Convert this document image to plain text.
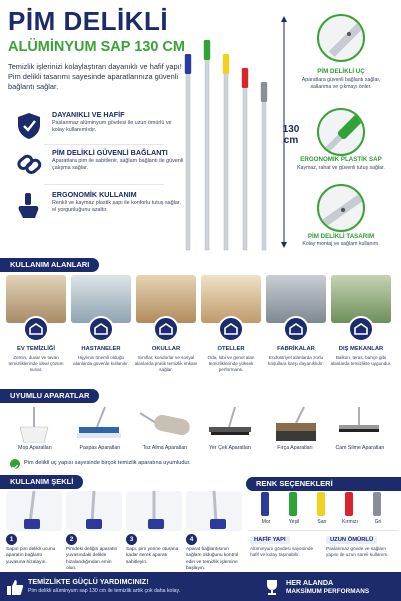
PİM DELİKLİ
ALÜMİNYUM SAP 130 CM
Temizlik işlerinizi kolaylaştıran dayanıklı ve hafif yapı! Pim delikli tasarımı sayesinde aparatlarınıza güvenli bağlantı sağlar.
DAYANIKLI VE HAFİF
Paslanmaz alüminyum gövdesi ile uzun ömürlü ve kolay kullanımlıdır.
PİM DELİKLİ GÜVENLİ BAĞLANTI
Aparatlara pim ile sabitlenir, sağlam bağlantı ile güvenli çalışma sağlar.
ERGONOMİK KULLANIM
Renkli ve kaymaz plastik sapı ile konforlu tutuş sağlar, el yorgunluğunu azaltır.
130
cm
PİM DELİKLİ UÇ
Aparatlara güvenli bağlantı sağlar, sallanma ve çıkmayı önler.
ERGONOMİK PLASTİK SAP
Kaymaz, rahat ve güvenli tutuş sağlar.
PİM DELİKLİ TASARIM
Kolay montaj ve sağlam kullanım.
KULLANIM ALANLARI
EV TEMİZLİĞİ
Zemin, duvar ve tavan temizliklerinde ideal çözüm sunar.
HASTANELER
Hijyenin önemli olduğu alanlarda güvenle kullanılır.
OKULLAR
Sınıflar, koridorlar ve sosyal alanlarda pratik temizlik imkanı sağlar.
OTELLER
Oda, lobi ve genel alan temizliklerinde yüksek performans.
FABRİKALAR
Endüstriyel alanlarda zorlu koşullara karşı dayanıklıdır.
DIŞ MEKANLAR
Balkon, teras, bahçe gibi alanlarda temizlikte uygundur.
UYUMLU APARATLAR
Mop Aparatları	Paspas Aparatları	Toz Alma Aparatları	Yer Çek Aparatları	Fırça Aparatları	Cam Silme Aparatları
Pim delikli uç yapısı sayesinde birçok temizlik aparatına uyumludur.
KULLANIM ŞEKLİ
1
Sapın pim delikli ucunu aparatın bağlantı yuvasına hizalayın.
2
Pimdeki deliğin aparatın yuvasındaki delikle hizalandığından emin olun.
3
Sapı, pim yerine oturana kadar iterek aparatı sabitleyin.
4
Aparat bağlantısının sağlam olduğunu kontrol edin ve temizlik işlemine başlayın.
RENK SEÇENEKLERİ
Mor	Yeşil	Sarı	Kırmızı	Gri
HAFİF YAPI
Alüminyum gövdesi sayesinde hafif ve kolay taşınabilir.
UZUN ÖMÜRLÜ
Paslanmaz gövde ve sağlam yapısı ile uzun süreli kullanım.
TEMİZLİKTE GÜÇLÜ YARDIMCINIZ!
Pim delikli alüminyum sap 130 cm ile temizlik artık çok daha kolay.
HER ALANDA
MAKSİMUM PERFORMANS
